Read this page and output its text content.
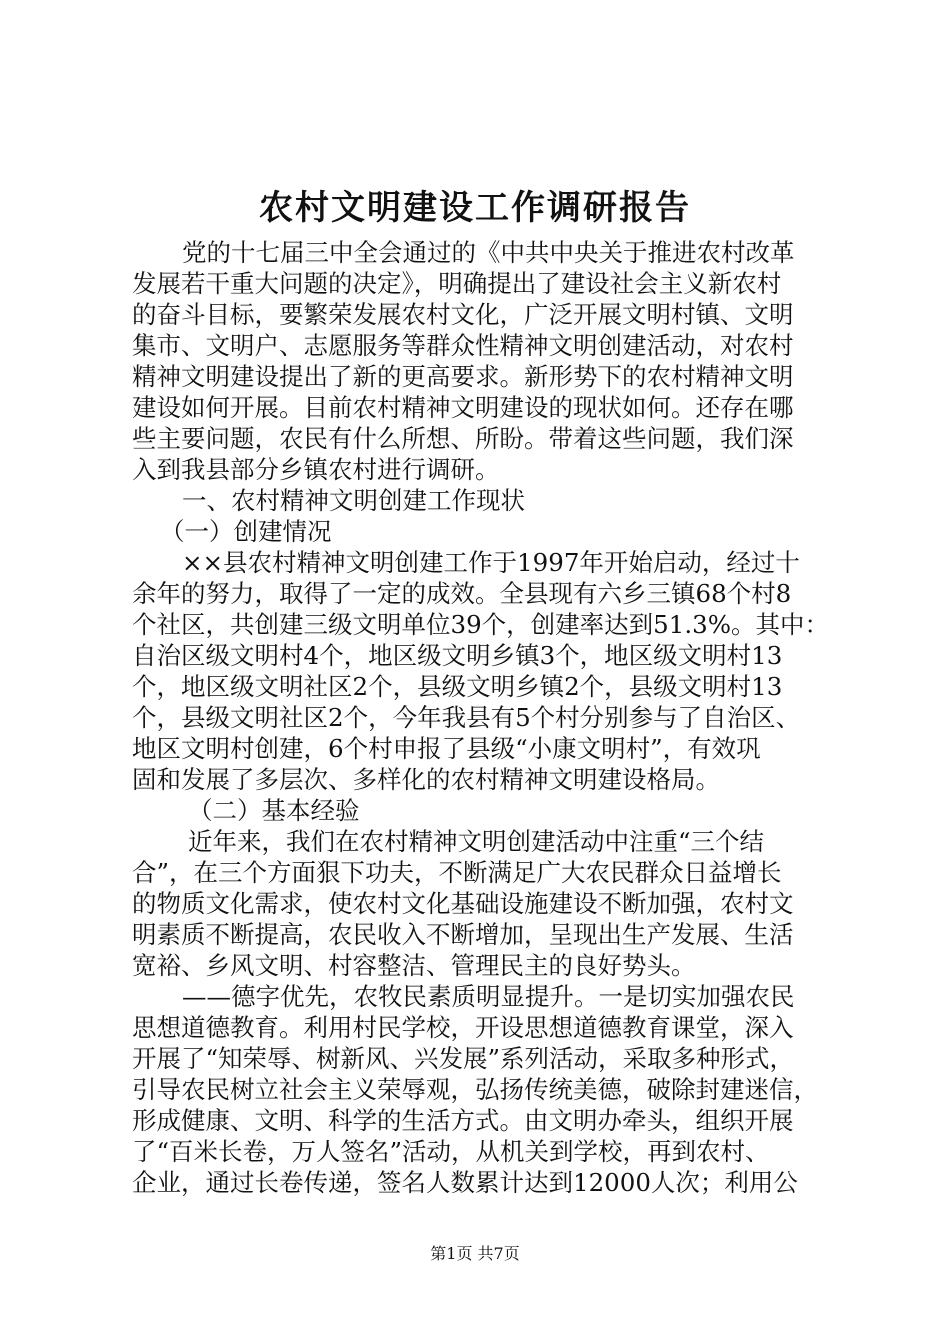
农村文明建设工作调研报告
党的十七届三中全会通过的《中共中央关于推进农村改革
发展若干重大问题的决定》，明确提出了建设社会主义新农村
的奋斗目标，要繁荣发展农村文化，广泛开展文明村镇、文明
集市、文明户、志愿服务等群众性精神文明创建活动，对农村
精神文明建设提出了新的更高要求。新形势下的农村精神文明
建设如何开展。目前农村精神文明建设的现状如何。还存在哪
些主要问题，农民有什么所想、所盼。带着这些问题，我们深
入到我县部分乡镇农村进行调研。
一、农村精神文明创建工作现状
（一）创建情况
××县农村精神文明创建工作于1997年开始启动，经过十
余年的努力，取得了一定的成效。全县现有六乡三镇68个村8
个社区，共创建三级文明单位39个，创建率达到51.3%。其中：
自治区级文明村4个，地区级文明乡镇3个，地区级文明村13
个，地区级文明社区2个，县级文明乡镇2个，县级文明村13
个，县级文明社区2个，今年我县有5个村分别参与了自治区、
地区文明村创建，6个村申报了县级“小康文明村”，有效巩
固和发展了多层次、多样化的农村精神文明建设格局。
（二）基本经验
近年来，我们在农村精神文明创建活动中注重“三个结
合”，在三个方面狠下功夫，不断满足广大农民群众日益增长
的物质文化需求，使农村文化基础设施建设不断加强，农村文
明素质不断提高，农民收入不断增加，呈现出生产发展、生活
宽裕、乡风文明、村容整洁、管理民主的良好势头。
——德字优先，农牧民素质明显提升。一是切实加强农民
思想道德教育。利用村民学校，开设思想道德教育课堂，深入
开展了“知荣辱、树新风、兴发展”系列活动，采取多种形式，
引导农民树立社会主义荣辱观，弘扬传统美德，破除封建迷信，
形成健康、文明、科学的生活方式。由文明办牵头，组织开展
了“百米长卷，万人签名”活动，从机关到学校，再到农村、
企业，通过长卷传递，签名人数累计达到12000人次；利用公
第1页 共7页
